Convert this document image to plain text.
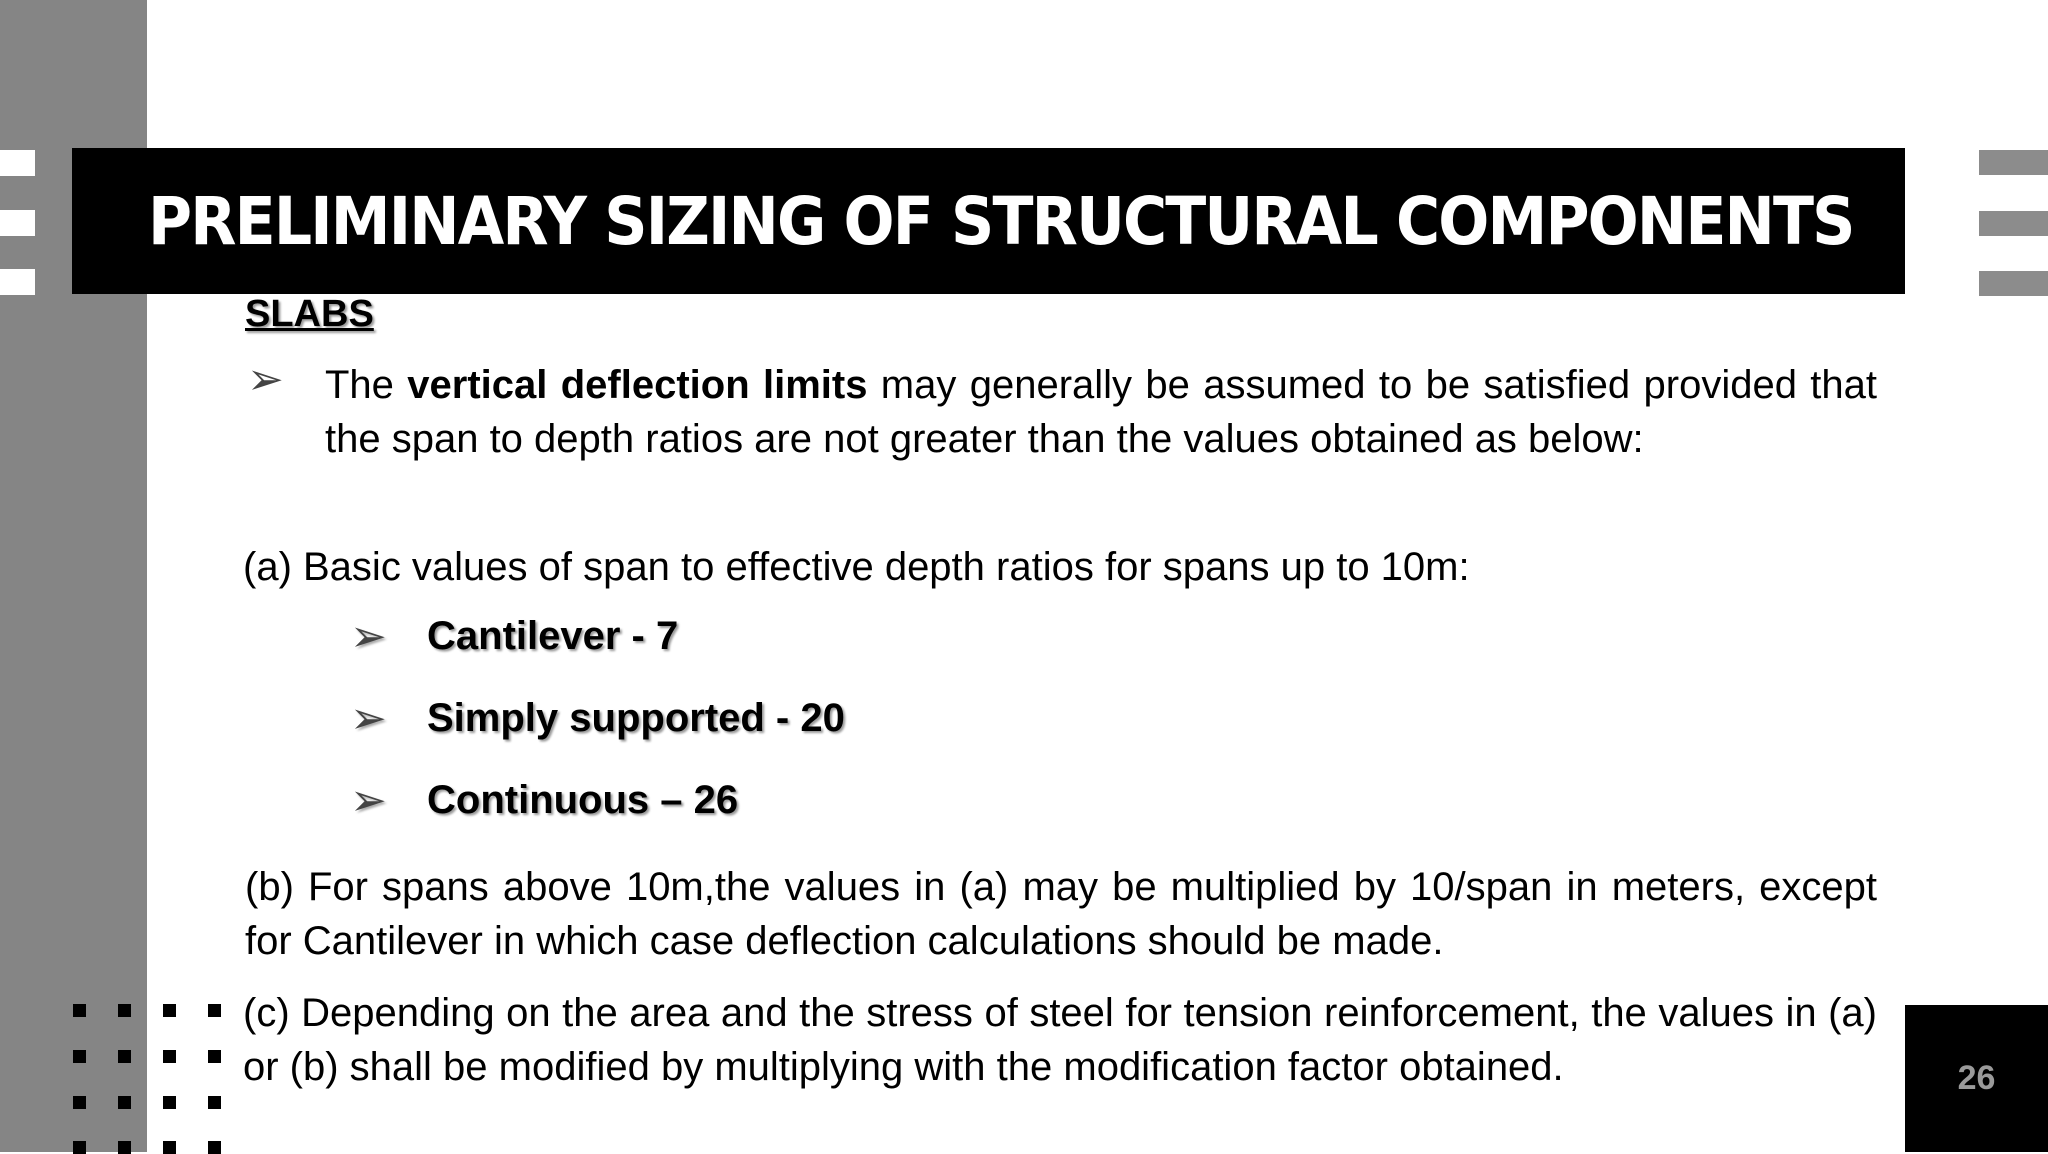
PRELIMINARY SIZING OF STRUCTURAL COMPONENTS

SLABS

➢ The vertical deflection limits may generally be assumed to be satisfied provided that the span to depth ratios are not greater than the values obtained as below:

(a) Basic values of span to effective depth ratios for spans up to 10m:

➢ Cantilever - 7

➢ Simply supported - 20

➢ Continuous – 26

(b) For spans above 10m,the values in (a) may be multiplied by 10/span in meters, except for Cantilever in which case deflection calculations should be made.

(c) Depending on the area and the stress of steel for tension reinforcement, the values in (a) or (b) shall be modified by multiplying with the modification factor obtained.	26
